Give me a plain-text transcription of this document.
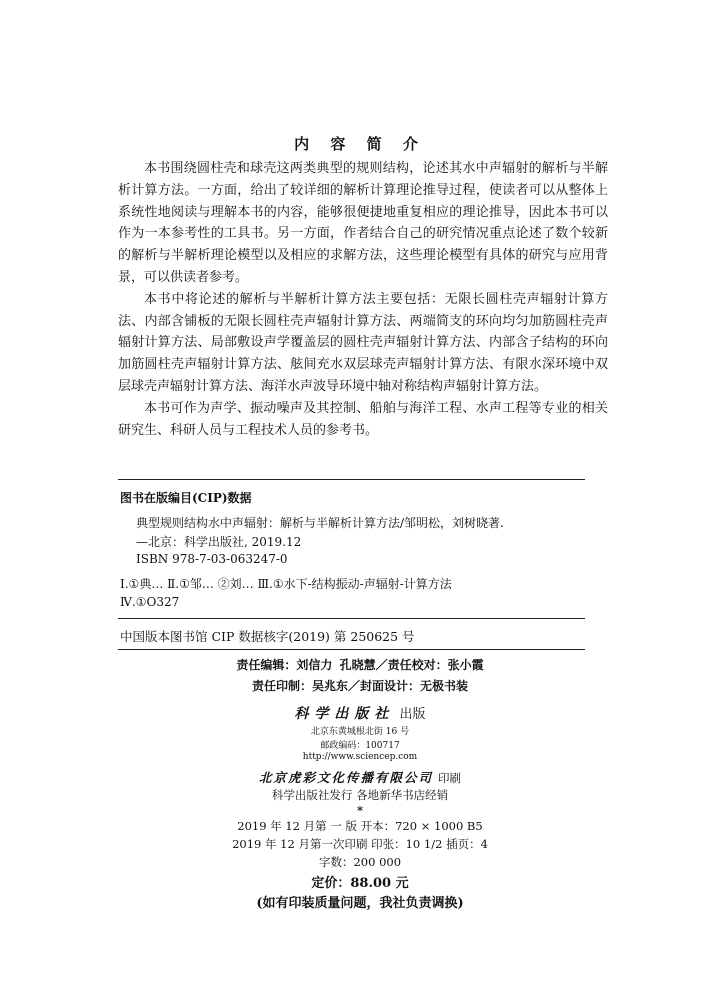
内 容 简 介

本书围绕圆柱壳和球壳这两类典型的规则结构，论述其水中声辐射的解析与半解析计算方法。一方面，给出了较详细的解析计算理论推导过程，使读者可以从整体上系统性地阅读与理解本书的内容，能够很便捷地重复相应的理论推导，因此本书可以作为一本参考性的工具书。另一方面，作者结合自己的研究情况重点论述了数个较新的解析与半解析理论模型以及相应的求解方法，这些理论模型有具体的研究与应用背景，可以供读者参考。

本书中将论述的解析与半解析计算方法主要包括：无限长圆柱壳声辐射计算方法、内部含铺板的无限长圆柱壳声辐射计算方法、两端简支的环向均匀加筋圆柱壳声辐射计算方法、局部敷设声学覆盖层的圆柱壳声辐射计算方法、内部含子结构的环向加筋圆柱壳声辐射计算方法、舷间充水双层球壳声辐射计算方法、有限水深环境中双层球壳声辐射计算方法、海洋水声波导环境中轴对称结构声辐射计算方法。

本书可作为声学、振动噪声及其控制、船舶与海洋工程、水声工程等专业的相关研究生、科研人员与工程技术人员的参考书。

图书在版编目(CIP)数据
典型规则结构水中声辐射：解析与半解析计算方法/邹明松，刘树晓著.
—北京：科学出版社, 2019.12
ISBN 978-7-03-063247-0
Ⅰ.①典… Ⅱ.①邹… ②刘… Ⅲ.①水下-结构振动-声辐射-计算方法
Ⅳ.①O327
中国版本图书馆 CIP 数据核字(2019) 第 250625 号
责任编辑：刘信力 孔晓慧／责任校对：张小霞
责任印制：吴兆东／封面设计：无极书装
科学出版社 出版
北京东黄城根北街 16 号
邮政编码：100717
http://www.sciencep.com
北京虎彩文化传播有限公司 印刷
科学出版社发行 各地新华书店经销
*
2019 年 12 月第 一 版 开本：720 × 1000 B5
2019 年 12 月第一次印刷 印张：10 1/2 插页：4
字数：200 000
定价：88.00 元
(如有印装质量问题，我社负责调换)
